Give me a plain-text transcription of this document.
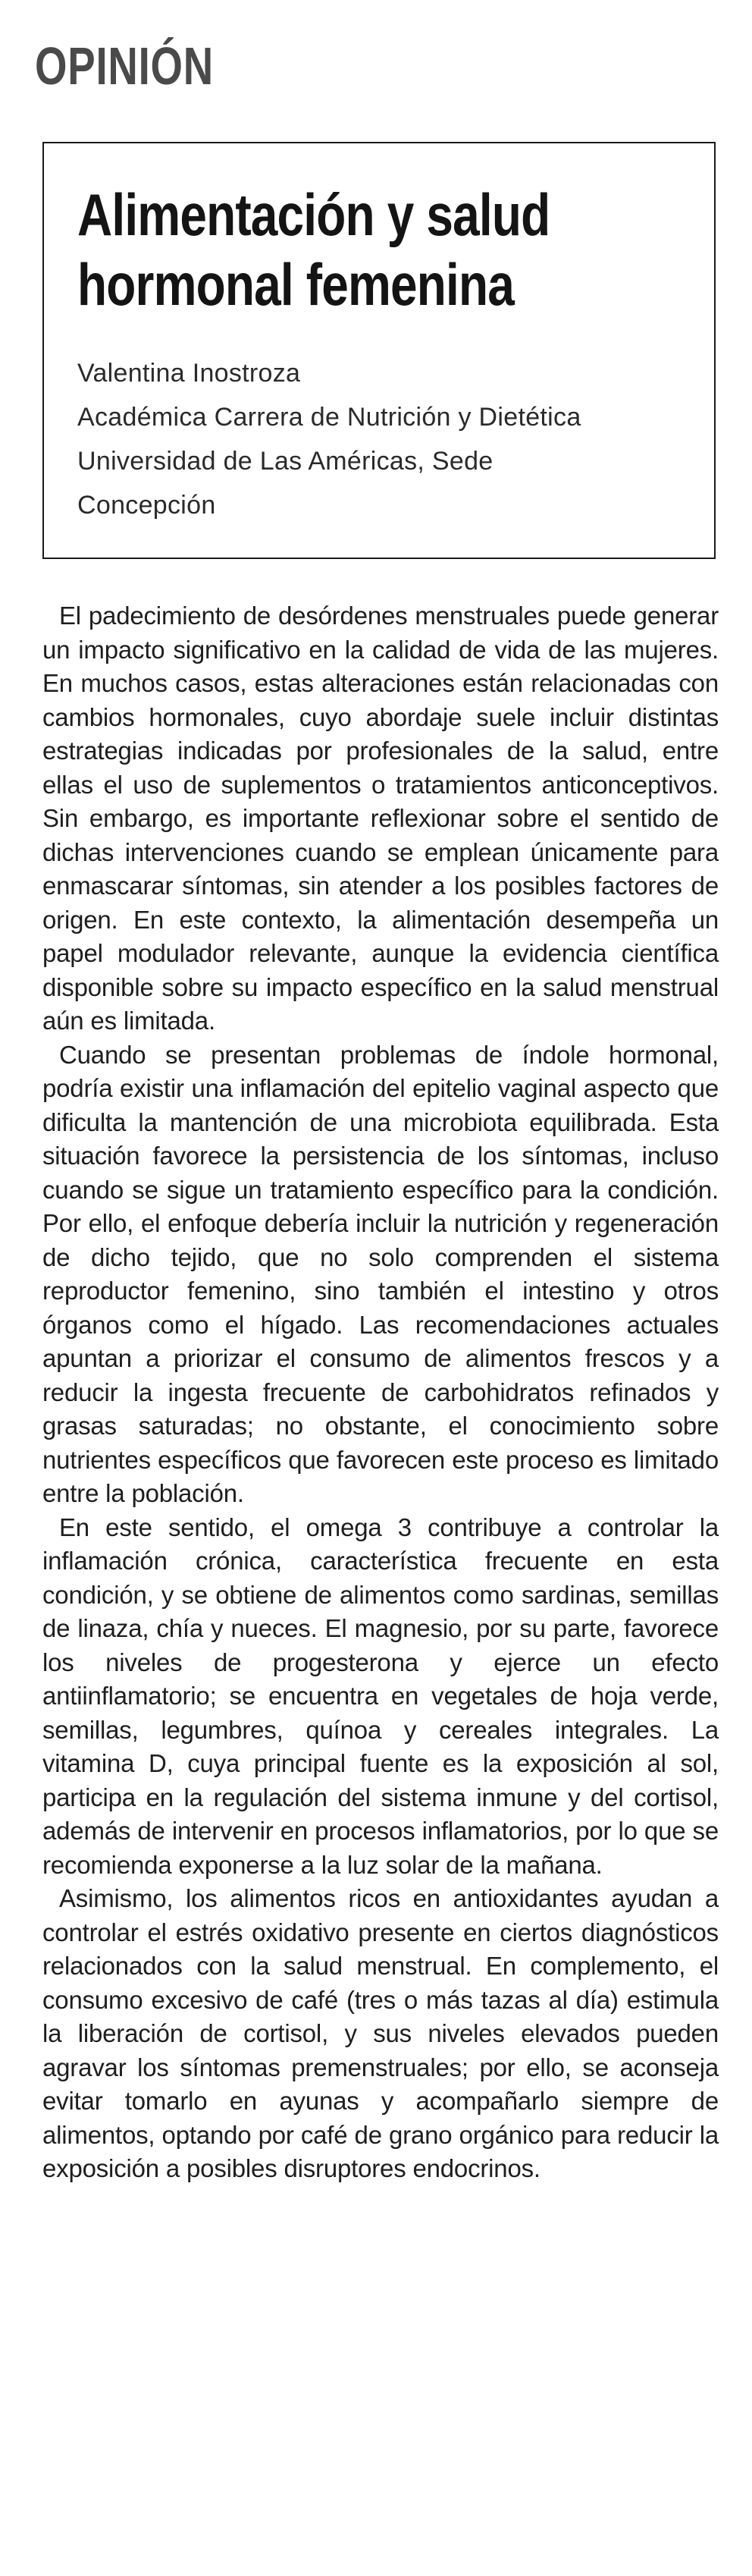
OPINIÓN
Alimentación y salud hormonal femenina
Valentina Inostroza
Académica Carrera de Nutrición y Dietética
Universidad de Las Américas, Sede
Concepción

El padecimiento de desórdenes menstruales puede generar un impacto significativo en la calidad de vida de las mujeres. En muchos casos, estas alteraciones están relacionadas con cambios hormonales, cuyo abordaje suele incluir distintas estrategias indicadas por profesionales de la salud, entre ellas el uso de suplementos o tratamientos anticonceptivos. Sin embargo, es importante reflexionar sobre el sentido de dichas intervenciones cuando se emplean únicamente para enmascarar síntomas, sin atender a los posibles factores de origen. En este contexto, la alimentación desempeña un papel modulador relevante, aunque la evidencia científica disponible sobre su impacto específico en la salud menstrual aún es limitada.

Cuando se presentan problemas de índole hormonal, podría existir una inflamación del epitelio vaginal aspecto que dificulta la mantención de una microbiota equilibrada. Esta situación favorece la persistencia de los síntomas, incluso cuando se sigue un tratamiento específico para la condición. Por ello, el enfoque debería incluir la nutrición y regeneración de dicho tejido, que no solo comprenden el sistema reproductor femenino, sino también el intestino y otros órganos como el hígado. Las recomendaciones actuales apuntan a priorizar el consumo de alimentos frescos y a reducir la ingesta frecuente de carbohidratos refinados y grasas saturadas; no obstante, el conocimiento sobre nutrientes específicos que favorecen este proceso es limitado entre la población.

En este sentido, el omega 3 contribuye a controlar la inflamación crónica, característica frecuente en esta condición, y se obtiene de alimentos como sardinas, semillas de linaza, chía y nueces. El magnesio, por su parte, favorece los niveles de progesterona y ejerce un efecto antiinflamatorio; se encuentra en vegetales de hoja verde, semillas, legumbres, quínoa y cereales integrales. La vitamina D, cuya principal fuente es la exposición al sol, participa en la regulación del sistema inmune y del cortisol, además de intervenir en procesos inflamatorios, por lo que se recomienda exponerse a la luz solar de la mañana.

Asimismo, los alimentos ricos en antioxidantes ayudan a controlar el estrés oxidativo presente en ciertos diagnósticos relacionados con la salud menstrual. En complemento, el consumo excesivo de café (tres o más tazas al día) estimula la liberación de cortisol, y sus niveles elevados pueden agravar los síntomas premenstruales; por ello, se aconseja evitar tomarlo en ayunas y acompañarlo siempre de alimentos, optando por café de grano orgánico para reducir la exposición a posibles disruptores endocrinos.
